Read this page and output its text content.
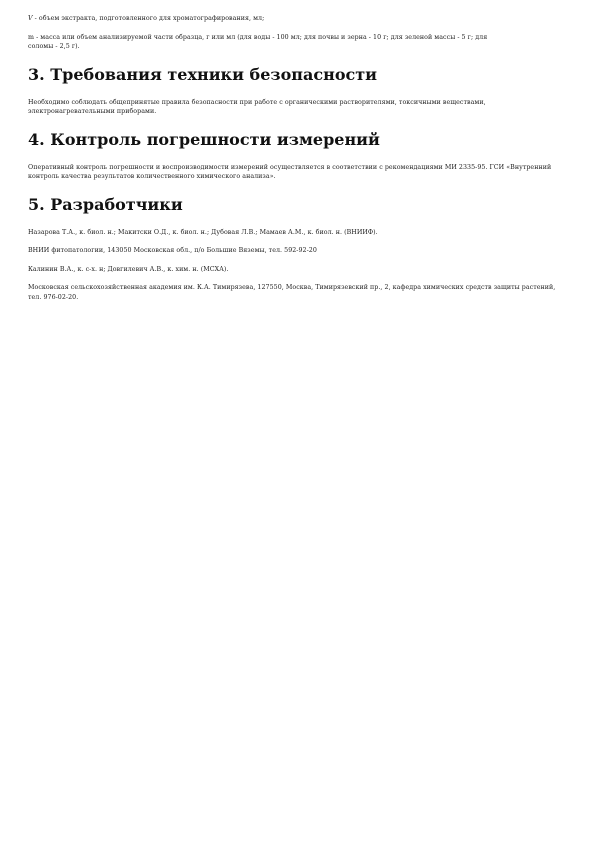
V - объем экстракта, подготовленного для хроматографирования, мл;

m - масса или объем анализируемой части образца, г или мл (для воды - 100 мл; для почвы и зерна - 10 г; для зеленой массы - 5 г; для
соломы - 2,5 г).

3. Требования техники безопасности

Необходимо соблюдать общепринятые правила безопасности при работе с органическими растворителями, токсичными веществами, электронагревательными приборами.

4. Контроль погрешности измерений

Оперативный контроль погрешности и воспроизводимости измерений осуществляется в соответствии с рекомендациями МИ 2335-95. ГСИ «Внутренний контроль качества результатов количественного химического анализа».

5. Разработчики

Назарова Т.А., к. биол. н.; Макитски О.Д., к. биол. н.; Дубовая Л.В.; Мамаев А.М., к. биол. н. (ВНИИФ).

ВНИИ фитопатологии, 143050 Московская обл., п/о Большие Вяземы, тел. 592-92-20

Калинин В.А., к. с-х. н; Довгилевич А.В., к. хим. н. (МСХА).

Московская сельскохозяйственная академия им. К.А. Тимирязева, 127550, Москва, Тимирязевский пр., 2, кафедра химических средств защиты растений, тел. 976-02-20.
